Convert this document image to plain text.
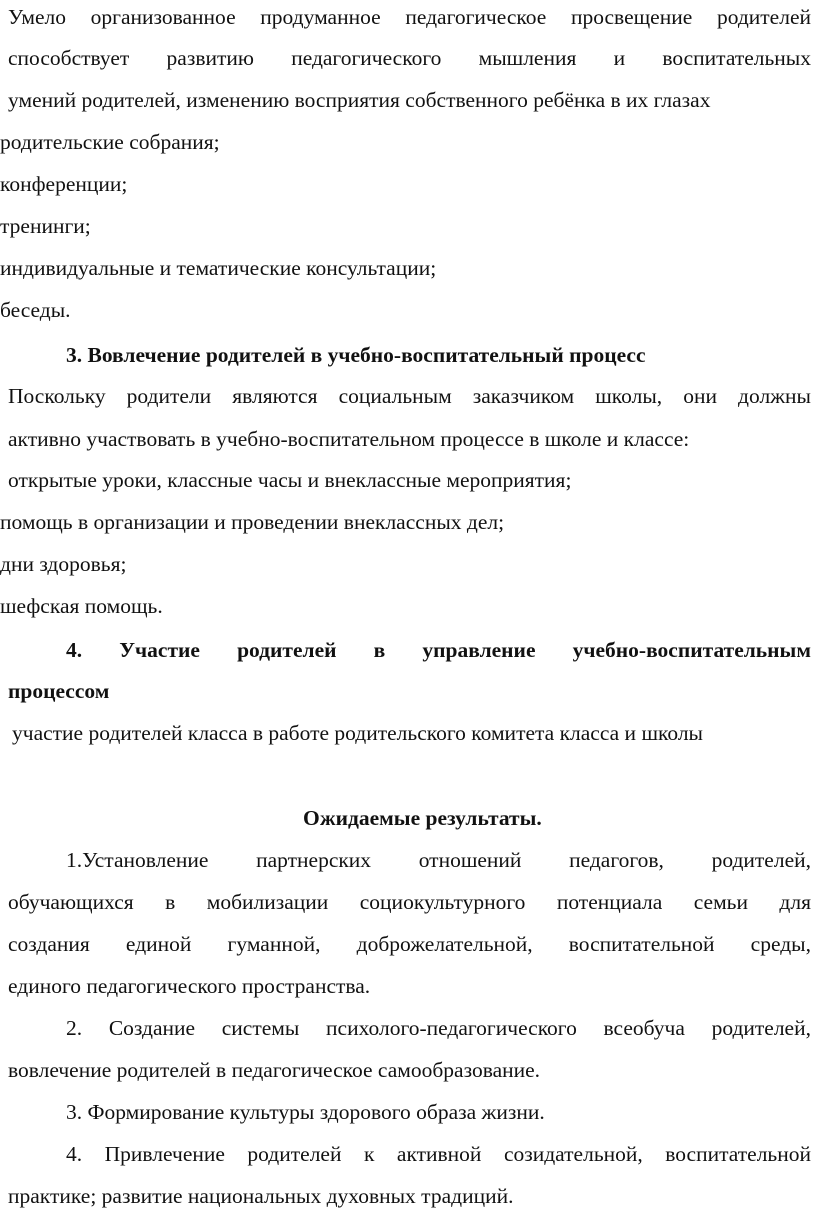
Умело организованное продуманное педагогическое просвещение родителей
способствует развитию педагогического мышления и воспитательных
умений родителей, изменению восприятия собственного ребёнка в их глазах
родительские собрания;
конференции;
тренинги;
индивидуальные и тематические консультации;
беседы.
3. Вовлечение родителей в учебно-воспитательный процесс
Поскольку родители являются социальным заказчиком школы, они должны
активно участвовать в учебно-воспитательном процессе в школе и классе:
открытые уроки, классные часы и внеклассные мероприятия;
помощь в организации и проведении внеклассных дел;
дни здоровья;
шефская помощь.
4. Участие родителей в управление учебно-воспитательным
процессом
участие родителей класса в работе родительского комитета класса и школы
Ожидаемые результаты.
1.Установление партнерских отношений педагогов, родителей,
обучающихся в мобилизации социокультурного потенциала семьи для
создания единой гуманной, доброжелательной, воспитательной среды,
единого педагогического пространства.
2. Создание системы психолого-педагогического всеобуча родителей,
вовлечение родителей в педагогическое самообразование.
3. Формирование культуры здорового образа жизни.
4. Привлечение родителей к активной созидательной, воспитательной
практике; развитие национальных духовных традиций.
